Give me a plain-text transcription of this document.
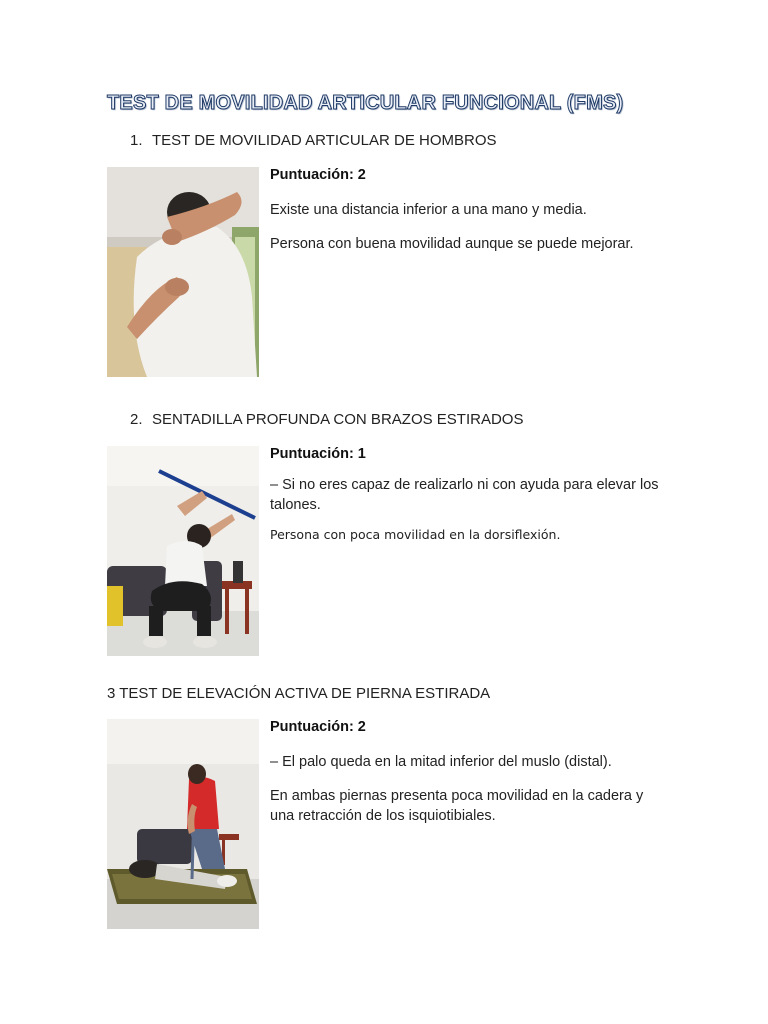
TEST DE MOVILIDAD ARTICULAR FUNCIONAL (FMS)
1. TEST DE MOVILIDAD ARTICULAR DE HOMBROS

Puntuación: 2

Existe una distancia inferior a una mano y media.

Persona con buena movilidad aunque se puede mejorar.

2. SENTADILLA PROFUNDA CON BRAZOS ESTIRADOS

Puntuación: 1

– Si no eres capaz de realizarlo ni con ayuda para elevar los talones.

Persona con poca movilidad en la dorsiflexión.

3 TEST DE ELEVACIÓN ACTIVA DE PIERNA ESTIRADA

Puntuación: 2

– El palo queda en la mitad inferior del muslo (distal).

En ambas piernas presenta poca movilidad en la cadera y una retracción de los isquiotibiales.
